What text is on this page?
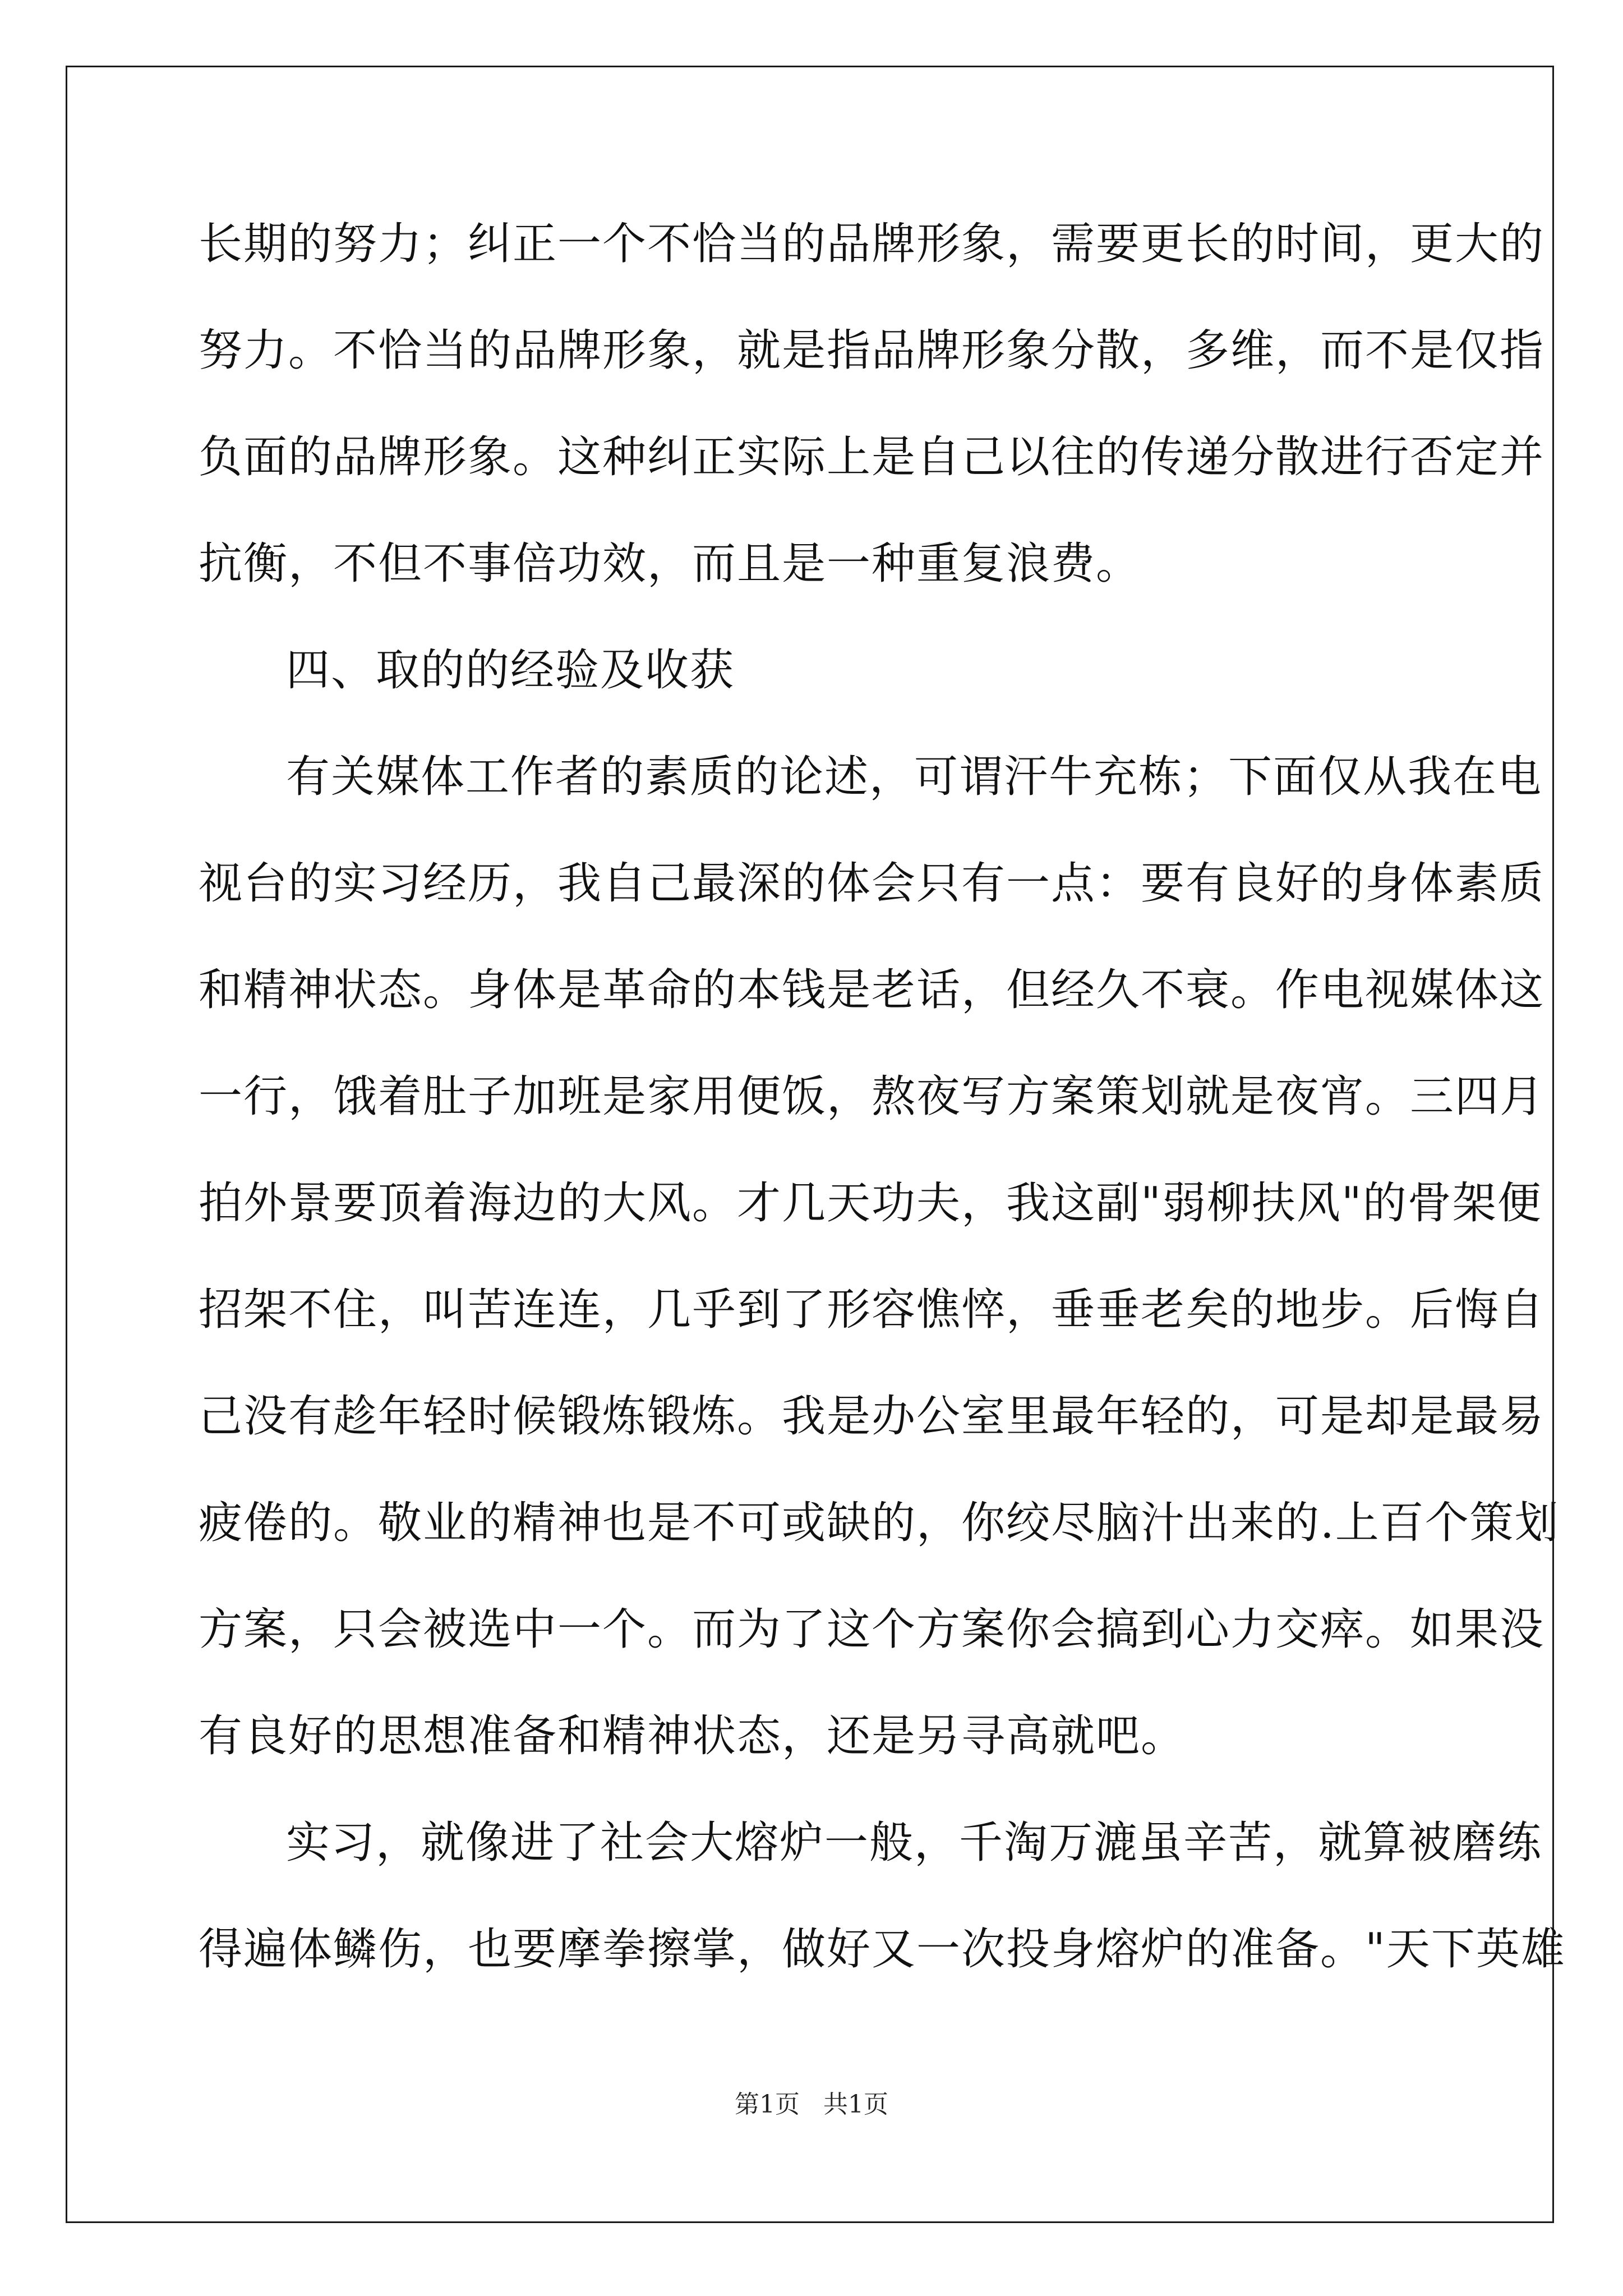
长期的努力；纠正一个不恰当的品牌形象，需要更长的时间，更大的
努力。不恰当的品牌形象，就是指品牌形象分散，多维，而不是仅指
负面的品牌形象。这种纠正实际上是自己以往的传递分散进行否定并
抗衡，不但不事倍功效，而且是一种重复浪费。
四、取的的经验及收获
有关媒体工作者的素质的论述，可谓汗牛充栋；下面仅从我在电
视台的实习经历，我自己最深的体会只有一点：要有良好的身体素质
和精神状态。身体是革命的本钱是老话，但经久不衰。作电视媒体这
一行，饿着肚子加班是家用便饭，熬夜写方案策划就是夜宵。三四月
拍外景要顶着海边的大风。才几天功夫，我这副"弱柳扶风"的骨架便
招架不住，叫苦连连，几乎到了形容憔悴，垂垂老矣的地步。后悔自
己没有趁年轻时候锻炼锻炼。我是办公室里最年轻的，可是却是最易
疲倦的。敬业的精神也是不可或缺的，你绞尽脑汁出来的.上百个策划
方案，只会被选中一个。而为了这个方案你会搞到心力交瘁。如果没
有良好的思想准备和精神状态，还是另寻高就吧。
实习，就像进了社会大熔炉一般，千淘万漉虽辛苦，就算被磨练
得遍体鳞伤，也要摩拳擦掌，做好又一次投身熔炉的准备。"天下英雄
第1页   共1页
